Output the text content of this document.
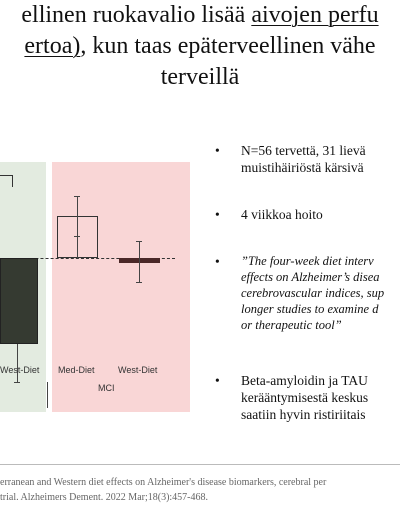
ellinen ruokavalio lisää aivojen perfu
ertoa), kun taas epäterveellinen vähe
terveillä
West-Diet Med-Diet	West-Diet
MCI
• N=56 tervettä, 31 lievä
muistihäiriöstä kärsivä
• 4 viikkoa hoito
• ”The four-week diet interv
effects on Alzheimer’s disea
cerebrovascular indices, sup
longer studies to examine d
or therapeutic tool”
• Beta-amyloidin ja TAU
kerääntymisestä keskus
saatiin hyvin ristiriitais
erranean and Western diet effects on Alzheimer's disease biomarkers, cerebral per
trial. Alzheimers Dement. 2022 Mar;18(3):457-468.
